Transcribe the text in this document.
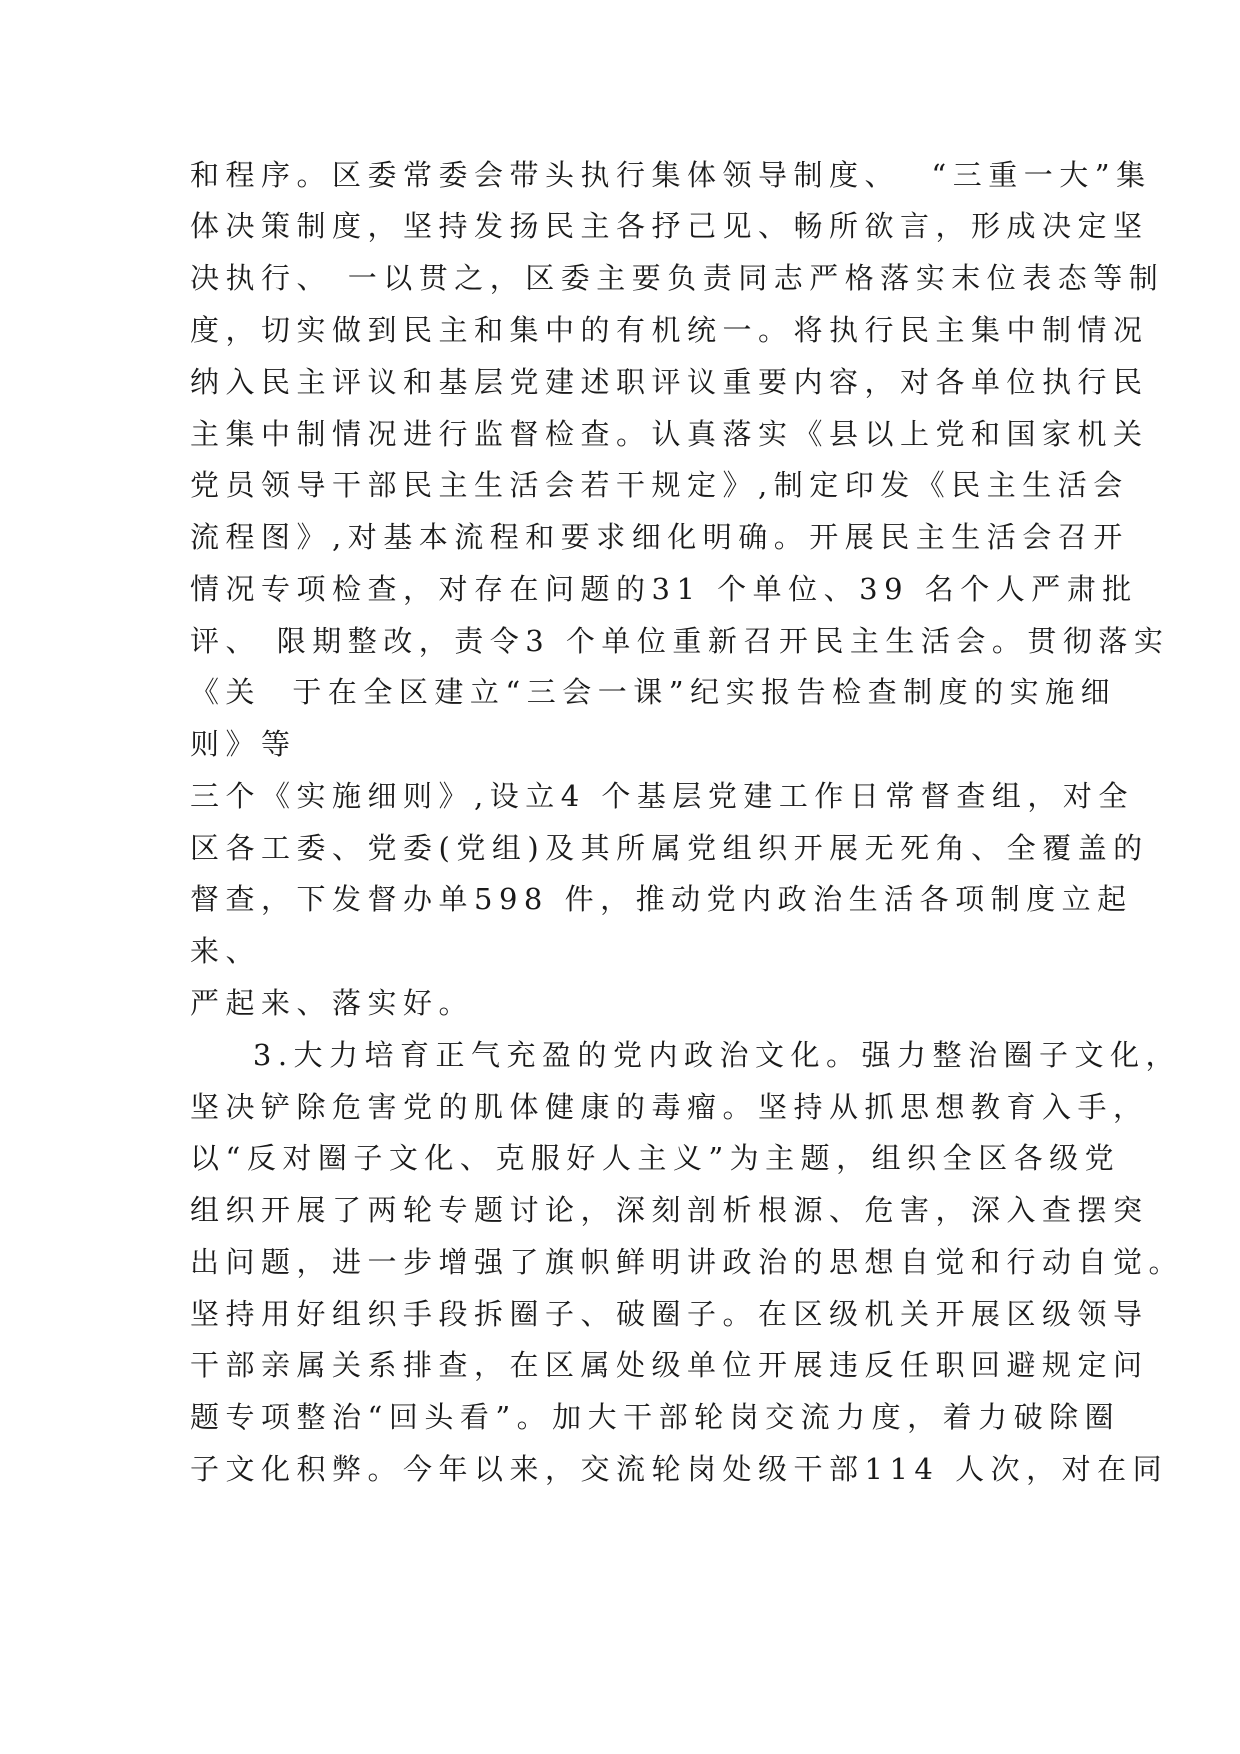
和程序。区委常委会带头执行集体领导制度、  “三重一大”集
体决策制度，坚持发扬民主各抒己见、畅所欲言，形成决定坚
决执行、 一以贯之，区委主要负责同志严格落实末位表态等制
度，切实做到民主和集中的有机统一。将执行民主集中制情况
纳入民主评议和基层党建述职评议重要内容，对各单位执行民
主集中制情况进行监督检查。认真落实《县以上党和国家机关
党员领导干部民主生活会若干规定》,制定印发《民主生活会
流程图》,对基本流程和要求细化明确。开展民主生活会召开
情况专项检查，对存在问题的31 个单位、39 名个人严肃批
评、 限期整改，责令3 个单位重新召开民主生活会。贯彻落实
《关  于在全区建立“三会一课”纪实报告检查制度的实施细
则》等
三个《实施细则》,设立4 个基层党建工作日常督查组，对全
区各工委、党委(党组)及其所属党组织开展无死角、全覆盖的
督查，下发督办单598 件，推动党内政治生活各项制度立起
来、
严起来、落实好。
3.大力培育正气充盈的党内政治文化。强力整治圈子文化，
坚决铲除危害党的肌体健康的毒瘤。坚持从抓思想教育入手，
以“反对圈子文化、克服好人主义”为主题，组织全区各级党
组织开展了两轮专题讨论，深刻剖析根源、危害，深入查摆突
出问题，进一步增强了旗帜鲜明讲政治的思想自觉和行动自觉。
坚持用好组织手段拆圈子、破圈子。在区级机关开展区级领导
干部亲属关系排查，在区属处级单位开展违反任职回避规定问
题专项整治“回头看”。加大干部轮岗交流力度，着力破除圈
子文化积弊。今年以来，交流轮岗处级干部114 人次，对在同
